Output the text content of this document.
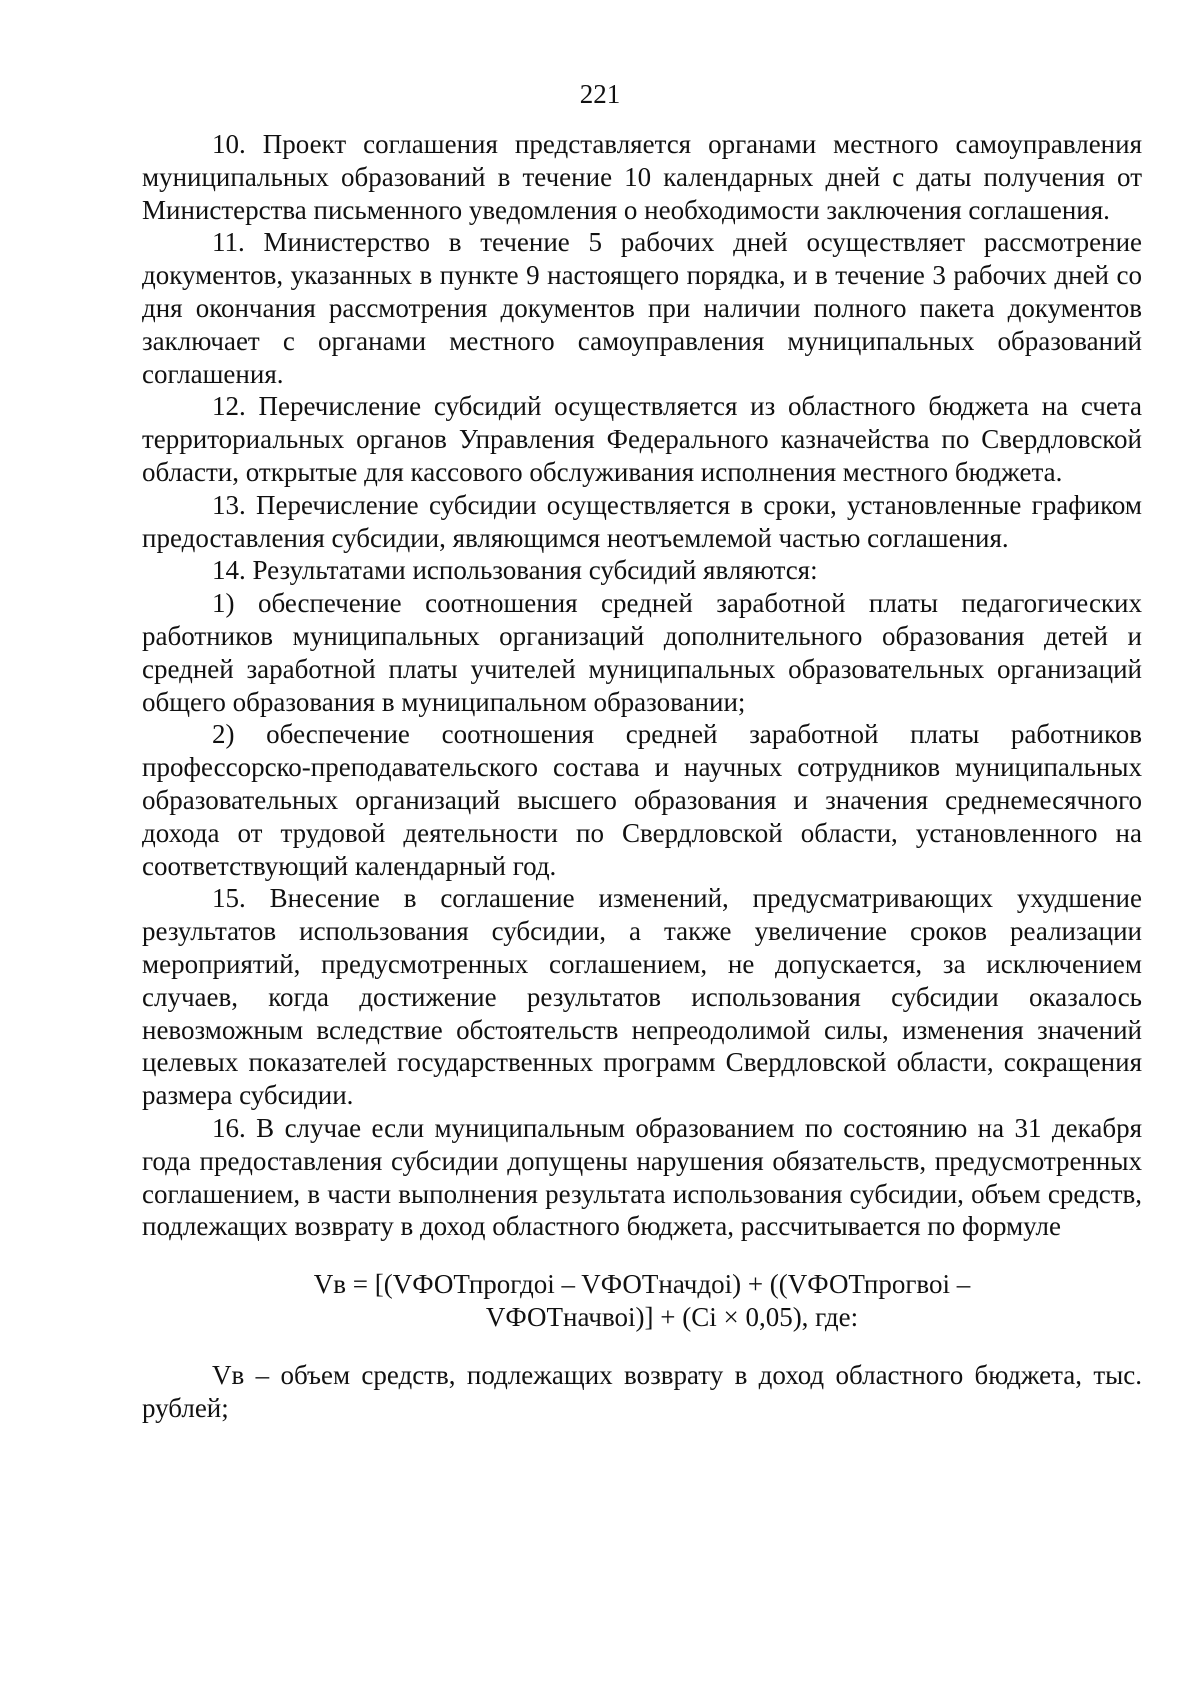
221

10. Проект соглашения представляется органами местного самоуправления муниципальных образований в течение 10 календарных дней с даты получения от Министерства письменного уведомления о необходимости заключения соглашения.

11. Министерство в течение 5 рабочих дней осуществляет рассмотрение документов, указанных в пункте 9 настоящего порядка, и в течение 3 рабочих дней со дня окончания рассмотрения документов при наличии полного пакета документов заключает с органами местного самоуправления муниципальных образований соглашения.

12. Перечисление субсидий осуществляется из областного бюджета на счета территориальных органов Управления Федерального казначейства по Свердловской области, открытые для кассового обслуживания исполнения местного бюджета.

13. Перечисление субсидии осуществляется в сроки, установленные графиком предоставления субсидии, являющимся неотъемлемой частью соглашения.

14. Результатами использования субсидий являются:

1) обеспечение соотношения средней заработной платы педагогических работников муниципальных организаций дополнительного образования детей и средней заработной платы учителей муниципальных образовательных организаций общего образования в муниципальном образовании;

2) обеспечение соотношения средней заработной платы работников профессорско-преподавательского состава и научных сотрудников муниципальных образовательных организаций высшего образования и значения среднемесячного дохода от трудовой деятельности по Свердловской области, установленного на соответствующий календарный год.

15. Внесение в соглашение изменений, предусматривающих ухудшение результатов использования субсидии, а также увеличение сроков реализации мероприятий, предусмотренных соглашением, не допускается, за исключением случаев, когда достижение результатов использования субсидии оказалось невозможным вследствие обстоятельств непреодолимой силы, изменения значений целевых показателей государственных программ Свердловской области, сокращения размера субсидии.

16. В случае если муниципальным образованием по состоянию на 31 декабря года предоставления субсидии допущены нарушения обязательств, предусмотренных соглашением, в части выполнения результата использования субсидии, объем средств, подлежащих возврату в доход областного бюджета, рассчитывается по формуле

Vв = [(VФОТпрогдоi – VФОТначдоi) + ((VФОТпрогвоi –
VФОТначвоi)] + (Ci × 0,05), где:

Vв – объем средств, подлежащих возврату в доход областного бюджета, тыс. рублей;
